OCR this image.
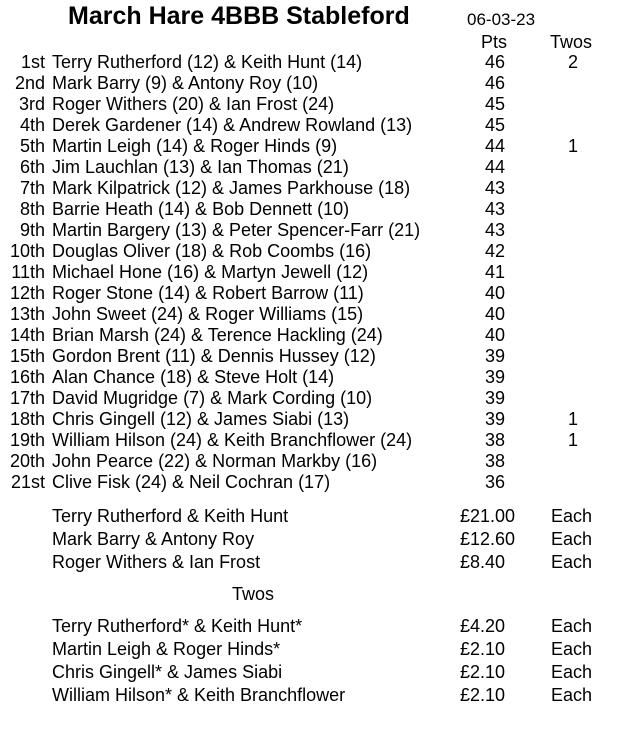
March Hare 4BBB Stableford	06-03-23
Pts Twos
1st Terry Rutherford (12) & Keith Hunt (14)	46	2
2nd Mark Barry (9) & Antony Roy (10)	46
3rd Roger Withers (20) & Ian Frost (24)	45
4th Derek Gardener (14) & Andrew Rowland (13)	45
5th Martin Leigh (14) & Roger Hinds (9)	44	1
6th Jim Lauchlan (13) & Ian Thomas (21)	44
7th Mark Kilpatrick (12) & James Parkhouse (18)	43
8th Barrie Heath (14) & Bob Dennett (10)	43
9th Martin Bargery (13) & Peter Spencer-Farr (21)	43
10th Douglas Oliver (18) & Rob Coombs (16)	42
11th Michael Hone (16) & Martyn Jewell (12)	41
12th Roger Stone (14) & Robert Barrow (11)	40
13th John Sweet (24) & Roger Williams (15)	40
14th Brian Marsh (24) & Terence Hackling (24)	40
15th Gordon Brent (11) & Dennis Hussey (12)	39
16th Alan Chance (18) & Steve Holt (14)	39
17th David Mugridge (7) & Mark Cording (10)	39
18th Chris Gingell (12) & James Siabi (13)	39	1
19th William Hilson (24) & Keith Branchflower (24)	38	1
20th John Pearce (22) & Norman Markby (16)	38
21st Clive Fisk (24) & Neil Cochran (17)	36
Terry Rutherford & Keith Hunt	£21.00 Each
Mark Barry & Antony Roy	£12.60 Each
Roger Withers & Ian Frost	£8.40	Each
Twos
Terry Rutherford* & Keith Hunt*	£4.20	Each
Martin Leigh & Roger Hinds*	£2.10	Each
Chris Gingell* & James Siabi	£2.10	Each
William Hilson* & Keith Branchflower	£2.10	Each
